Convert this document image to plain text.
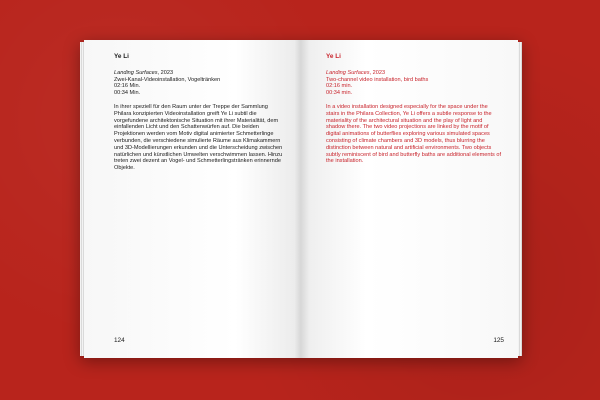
Ye Li
Landing Surfaces, 2023
Zwei-Kanal-Videoinstallation, Vogeltränken
02:16 Min.
00:34 Min.
In ihrer speziell für den Raum unter der Treppe der Sammlung Philara konzipierten Videoinstallation greift Ye Li subtil die vorgefundene architektonische Situation mit ihrer Materialität, dem einfallenden Licht und den Schattenwürfen auf. Die beiden Projektionen werden vom Motiv digital animierter Schmetterlinge verbunden, die verschiedene simulierte Räume aus Klimakammern und 3D-Modellierungen erkunden und die Unterscheidung zwischen natürlichen und künstlichen Umwelten verschwimmen lassen. Hinzu treten zwei dezent an Vogel- und Schmetterlingstränken erinnernde Objekte.
124
Ye Li
Landing Surfaces, 2023
Two-channel video installation, bird baths
02:16 min.
00:34 min.
In a video installation designed especially for the space under the stairs in the Philara Collection, Ye Li offers a subtle response to the materiality of the architectural situation and the play of light and shadow there. The two video projections are linked by the motif of digital animations of butterflies exploring various simulated spaces consisting of climate chambers and 3D models, thus blurring the distinction between natural and artificial environments. Two objects subtly reminiscent of bird and butterfly baths are additional elements of the installation.
125
